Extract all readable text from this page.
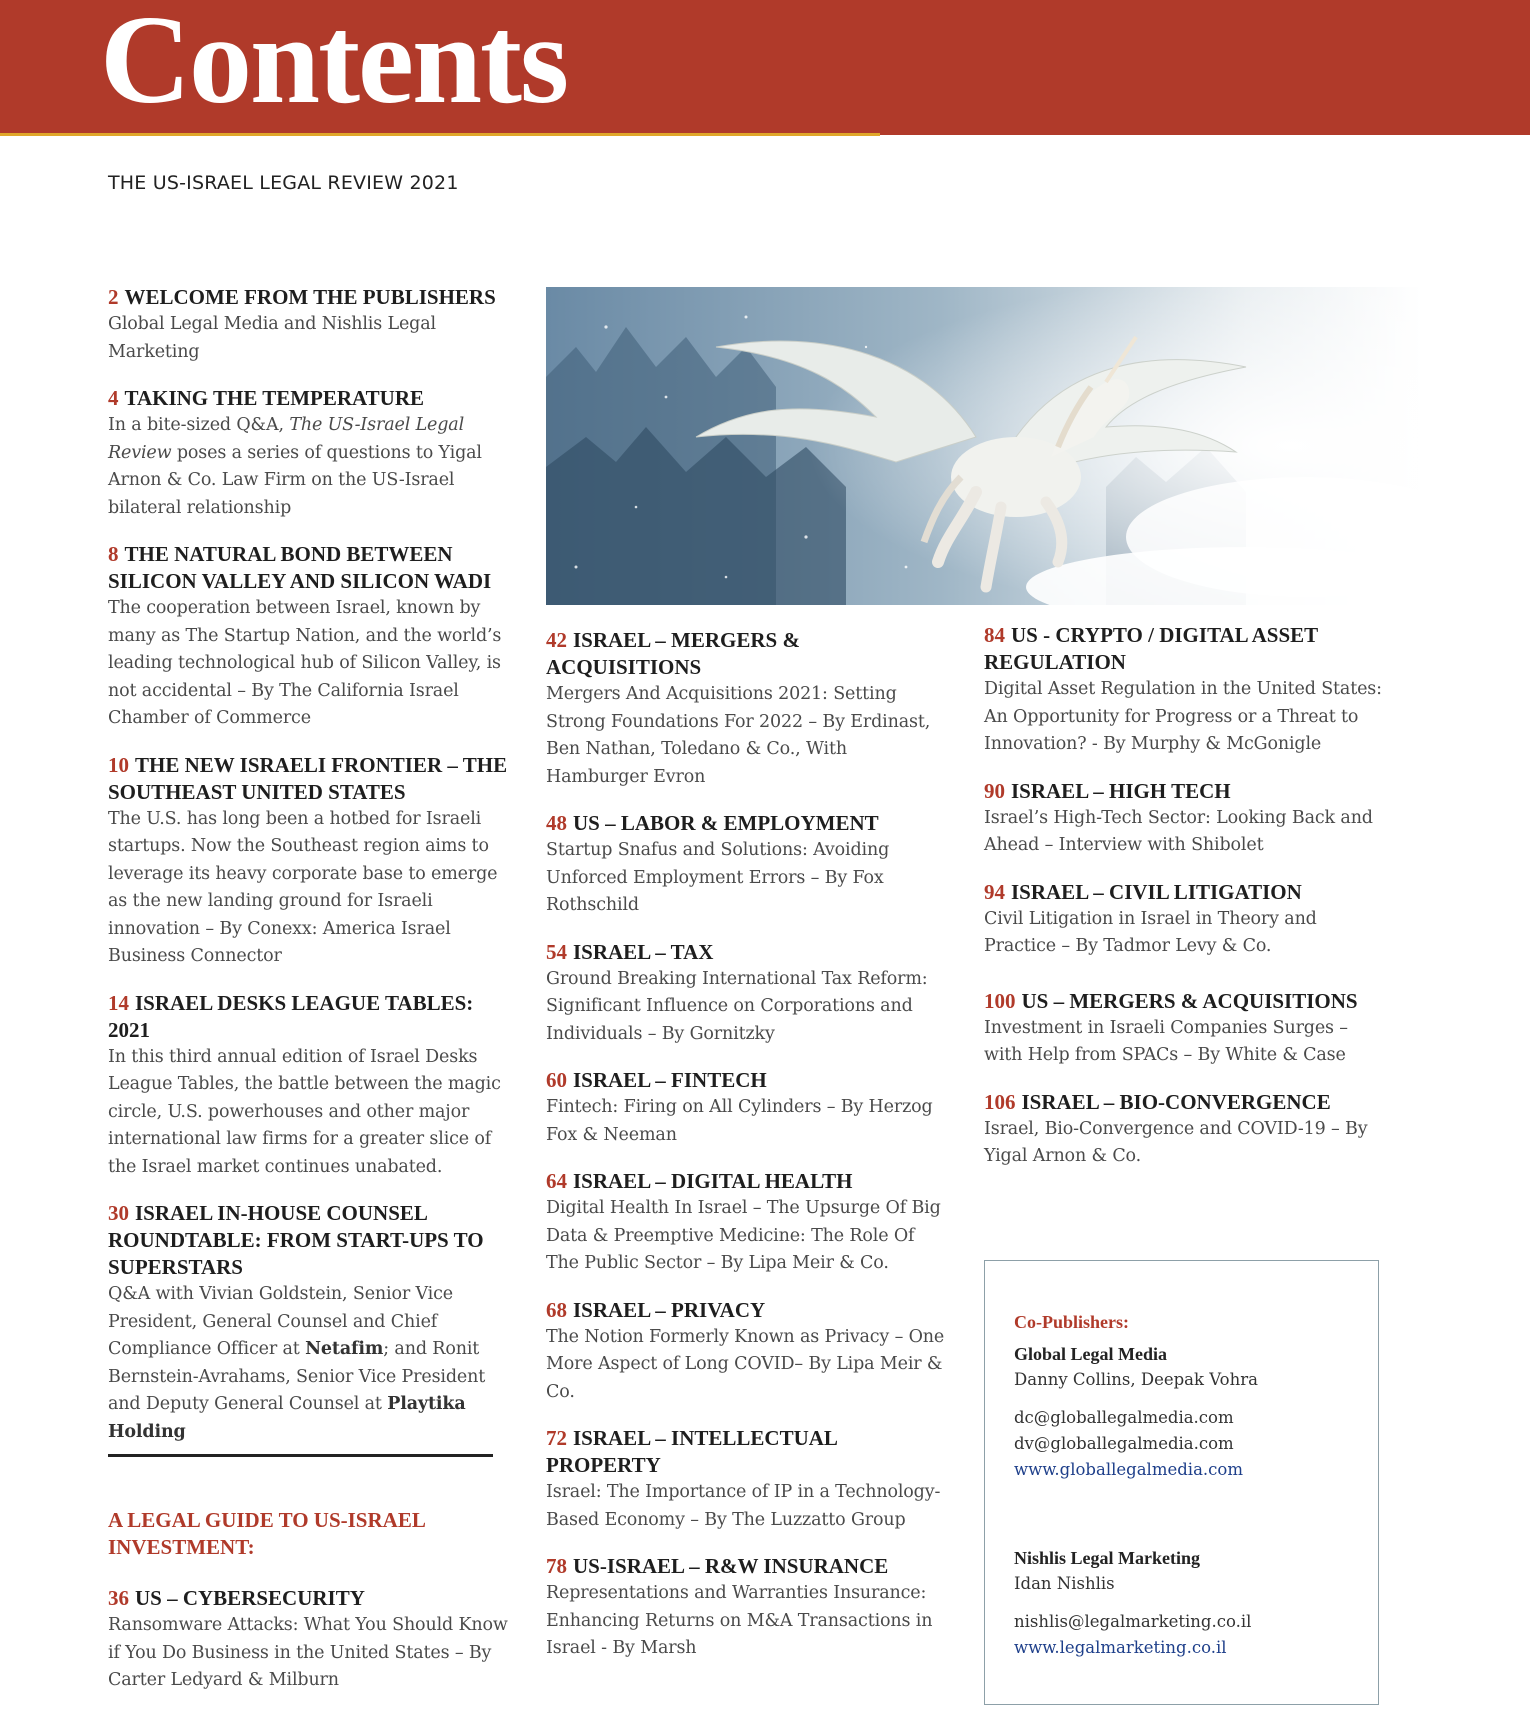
Contents
THE US-ISRAEL LEGAL REVIEW 2021
2 WELCOME FROM THE PUBLISHERS
Global Legal Media and Nishlis Legal Marketing
4 TAKING THE TEMPERATURE
In a bite-sized Q&A, The US-Israel Legal Review poses a series of questions to Yigal Arnon & Co. Law Firm on the US-Israel bilateral relationship
8 THE NATURAL BOND BETWEEN SILICON VALLEY AND SILICON WADI
The cooperation between Israel, known by many as The Startup Nation, and the world’s leading technological hub of Silicon Valley, is not accidental – By The California Israel Chamber of Commerce
10 THE NEW ISRAELI FRONTIER – THE SOUTHEAST UNITED STATES
The U.S. has long been a hotbed for Israeli startups. Now the Southeast region aims to leverage its heavy corporate base to emerge as the new landing ground for Israeli innovation – By Conexx: America Israel Business Connector
14 ISRAEL DESKS LEAGUE TABLES: 2021
In this third annual edition of Israel Desks League Tables, the battle between the magic circle, U.S. powerhouses and other major international law firms for a greater slice of the Israel market continues unabated.
30 ISRAEL IN-HOUSE COUNSEL ROUNDTABLE: FROM START-UPS TO SUPERSTARS
Q&A with Vivian Goldstein, Senior Vice President, General Counsel and Chief Compliance Officer at Netafim; and Ronit Bernstein-Avrahams, Senior Vice President and Deputy General Counsel at Playtika Holding
A LEGAL GUIDE TO US-ISRAEL INVESTMENT:
36 US – CYBERSECURITY
Ransomware Attacks: What You Should Know if You Do Business in the United States – By Carter Ledyard & Milburn
42 ISRAEL – MERGERS & ACQUISITIONS
Mergers And Acquisitions 2021: Setting Strong Foundations For 2022 – By Erdinast, Ben Nathan, Toledano & Co., With Hamburger Evron
48 US – LABOR & EMPLOYMENT
Startup Snafus and Solutions: Avoiding Unforced Employment Errors – By Fox Rothschild
54 ISRAEL – TAX
Ground Breaking International Tax Reform: Significant Influence on Corporations and Individuals – By Gornitzky
60 ISRAEL – FINTECH
Fintech: Firing on All Cylinders – By Herzog Fox & Neeman
64 ISRAEL – DIGITAL HEALTH
Digital Health In Israel – The Upsurge Of Big Data & Preemptive Medicine: The Role Of The Public Sector – By Lipa Meir & Co.
68 ISRAEL – PRIVACY
The Notion Formerly Known as Privacy – One More Aspect of Long COVID– By Lipa Meir & Co.
72 ISRAEL – INTELLECTUAL PROPERTY
Israel: The Importance of IP in a Technology-Based Economy – By The Luzzatto Group
78 US-ISRAEL – R&W INSURANCE
Representations and Warranties Insurance: Enhancing Returns on M&A Transactions in Israel - By Marsh
84 US - CRYPTO / DIGITAL ASSET REGULATION
Digital Asset Regulation in the United States: An Opportunity for Progress or a Threat to Innovation? - By Murphy & McGonigle
90 ISRAEL – HIGH TECH
Israel’s High-Tech Sector: Looking Back and Ahead – Interview with Shibolet
94 ISRAEL – CIVIL LITIGATION
Civil Litigation in Israel in Theory and Practice – By Tadmor Levy & Co.
100 US – MERGERS & ACQUISITIONS
Investment in Israeli Companies Surges – with Help from SPACs – By White & Case
106 ISRAEL – BIO-CONVERGENCE
Israel, Bio-Convergence and COVID-19 – By Yigal Arnon & Co.
Co-Publishers:
Global Legal Media
Danny Collins, Deepak Vohra
dc@globallegalmedia.com
dv@globallegalmedia.com
www.globallegalmedia.com
Nishlis Legal Marketing
Idan Nishlis
nishlis@legalmarketing.co.il
www.legalmarketing.co.il
